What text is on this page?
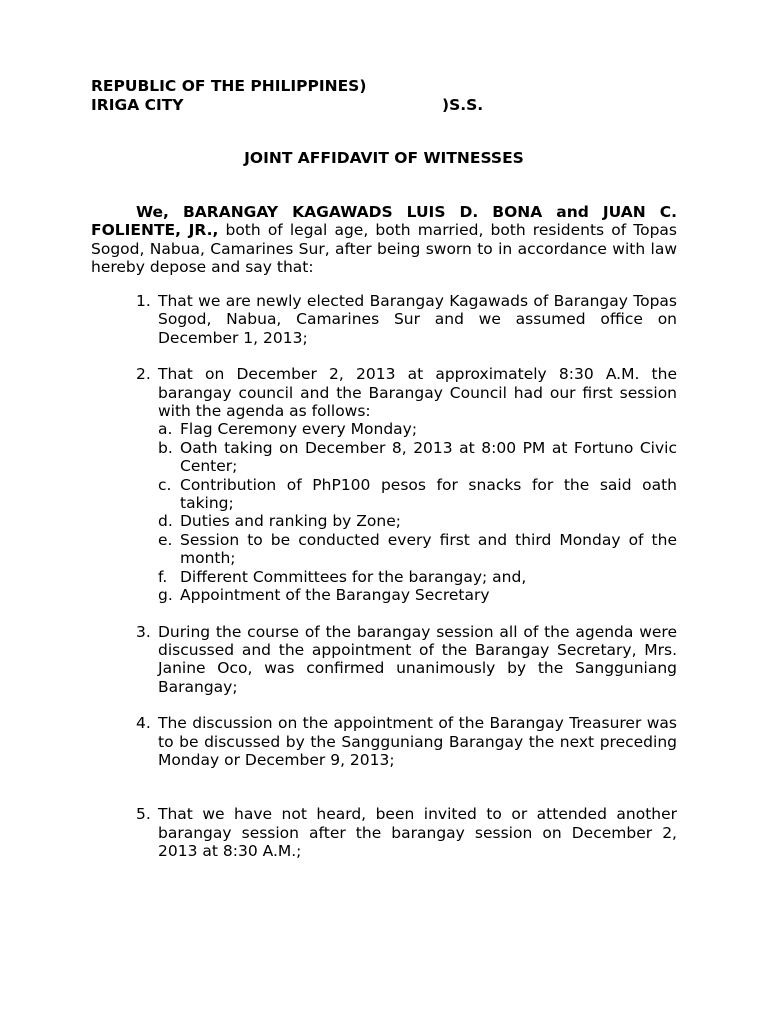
REPUBLIC OF THE PHILIPPINES)
IRIGA CITY	)S.S.
JOINT AFFIDAVIT OF WITNESSES
We, BARANGAY KAGAWADS LUIS D. BONA and JUAN C. FOLIENTE, JR., both of legal age, both married, both residents of Topas Sogod, Nabua, Camarines Sur, after being sworn to in accordance with law hereby depose and say that:
1. That we are newly elected Barangay Kagawads of Barangay Topas Sogod, Nabua, Camarines Sur and we assumed office on December 1, 2013;
2. That on December 2, 2013 at approximately 8:30 A.M. the barangay council and the Barangay Council had our first session with the agenda as follows:
a. Flag Ceremony every Monday;
b. Oath taking on December 8, 2013 at 8:00 PM at Fortuno Civic Center;
c. Contribution of PhP100 pesos for snacks for the said oath taking;
d. Duties and ranking by Zone;
e. Session to be conducted every first and third Monday of the month;
f. Different Committees for the barangay; and,
g. Appointment of the Barangay Secretary
3. During the course of the barangay session all of the agenda were discussed and the appointment of the Barangay Secretary, Mrs. Janine Oco, was confirmed unanimously by the Sangguniang Barangay;
4. The discussion on the appointment of the Barangay Treasurer was to be discussed by the Sangguniang Barangay the next preceding Monday or December 9, 2013;
5. That we have not heard, been invited to or attended another barangay session after the barangay session on December 2, 2013 at 8:30 A.M.;
